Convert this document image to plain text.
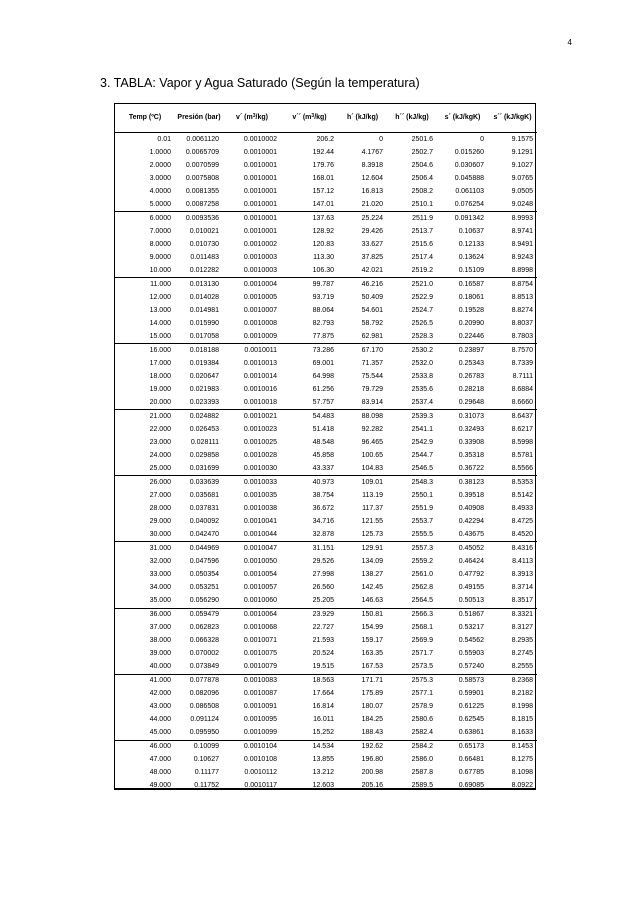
4
3. TABLA: Vapor y Agua Saturado (Según la temperatura)
Temp (ºC)	Presión (bar)	v´ $(m^3/kg)$	v´´ $(m^3/kg)$	h´ (kJ/kg)	h´´ (kJ/kg)	s´ (kJ/kgK)	s´´ (kJ/kgK)
0.01	0.0061120	0.0010002	206.2	0	2501.6	0	9.1575
1.0000	0.0065709	0.0010001	192.44	4.1767	2502.7	0.015260	9.1291
2.0000	0.0070599	0.0010001	179.76	8.3918	2504.6	0.030607	9.1027
3.0000	0.0075808	0.0010001	168.01	12.604	2506.4	0.045888	9.0765
4.0000	0.0081355	0.0010001	157.12	16.813	2508.2	0.061103	9.0505
5.0000	0.0087258	0.0010001	147.01	21.020	2510.1	0.076254	9.0248
6.0000	0.0093536	0.0010001	137.63	25.224	2511.9	0.091342	8.9993
7.0000	0.010021	0.0010001	128.92	29.426	2513.7	0.10637	8.9741
8.0000	0.010730	0.0010002	120.83	33.627	2515.6	0.12133	8.9491
9.0000	0.011483	0.0010003	113.30	37.825	2517.4	0.13624	8.9243
10.000	0.012282	0.0010003	106.30	42.021	2519.2	0.15109	8.8998
11.000	0.013130	0.0010004	99.787	46.216	2521.0	0.16587	8.8754
12.000	0.014028	0.0010005	93.719	50.409	2522.9	0.18061	8.8513
13.000	0.014981	0.0010007	88.064	54.601	2524.7	0.19528	8.8274
14.000	0.015990	0.0010008	82.793	58.792	2526.5	0.20990	8.8037
15.000	0.017058	0.0010009	77.875	62.981	2528.3	0.22446	8.7803
16.000	0.018188	0.0010011	73.286	67.170	2530.2	0.23897	8.7570
17.000	0.019384	0.0010013	69.001	71.357	2532.0	0.25343	8.7339
18.000	0.020647	0.0010014	64.998	75.544	2533.8	0.26783	8.7111
19.000	0.021983	0.0010016	61.256	79.729	2535.6	0.28218	8.6884
20.000	0.023393	0.0010018	57.757	83.914	2537.4	0.29648	8.6660
21.000	0.024882	0.0010021	54.483	88.098	2539.3	0.31073	8.6437
22.000	0.026453	0.0010023	51.418	92.282	2541.1	0.32493	8.6217
23.000	0.028111	0.0010025	48.548	96.465	2542.9	0.33908	8.5998
24.000	0.029858	0.0010028	45.858	100.65	2544.7	0.35318	8.5781
25.000	0.031699	0.0010030	43.337	104.83	2546.5	0.36722	8.5566
26.000	0.033639	0.0010033	40.973	109.01	2548.3	0.38123	8.5353
27.000	0.035681	0.0010035	38.754	113.19	2550.1	0.39518	8.5142
28.000	0.037831	0.0010038	36.672	117.37	2551.9	0.40908	8.4933
29.000	0.040092	0.0010041	34.716	121.55	2553.7	0.42294	8.4725
30.000	0.042470	0.0010044	32.878	125.73	2555.5	0.43675	8.4520
31.000	0.044969	0.0010047	31.151	129.91	2557.3	0.45052	8.4316
32.000	0.047596	0.0010050	29.526	134.09	2559.2	0.46424	8.4113
33.000	0.050354	0.0010054	27.998	138.27	2561.0	0.47792	8.3913
34.000	0.053251	0.0010057	26.560	142.45	2562.8	0.49155	8.3714
35.000	0.056290	0.0010060	25.205	146.63	2564.5	0.50513	8.3517
36.000	0.059479	0.0010064	23.929	150.81	2566.3	0.51867	8.3321
37.000	0.062823	0.0010068	22.727	154.99	2568.1	0.53217	8.3127
38.000	0.066328	0.0010071	21.593	159.17	2569.9	0.54562	8.2935
39.000	0.070002	0.0010075	20.524	163.35	2571.7	0.55903	8.2745
40.000	0.073849	0.0010079	19.515	167.53	2573.5	0.57240	8.2555
41.000	0.077878	0.0010083	18.563	171.71	2575.3	0.58573	8.2368
42.000	0.082096	0.0010087	17.664	175.89	2577.1	0.59901	8.2182
43.000	0.086508	0.0010091	16.814	180.07	2578.9	0.61225	8.1998
44.000	0.091124	0.0010095	16.011	184.25	2580.6	0.62545	8.1815
45.000	0.095950	0.0010099	15.252	188.43	2582.4	0.63861	8.1633
46.000	0.10099	0.0010104	14.534	192.62	2584.2	0.65173	8.1453
47.000	0.10627	0.0010108	13.855	196.80	2586.0	0.66481	8.1275
48.000	0.11177	0.0010112	13.212	200.98	2587.8	0.67785	8.1098
49.000	0.11752	0.0010117	12.603	205.16	2589.5	0.69085	8.0922
